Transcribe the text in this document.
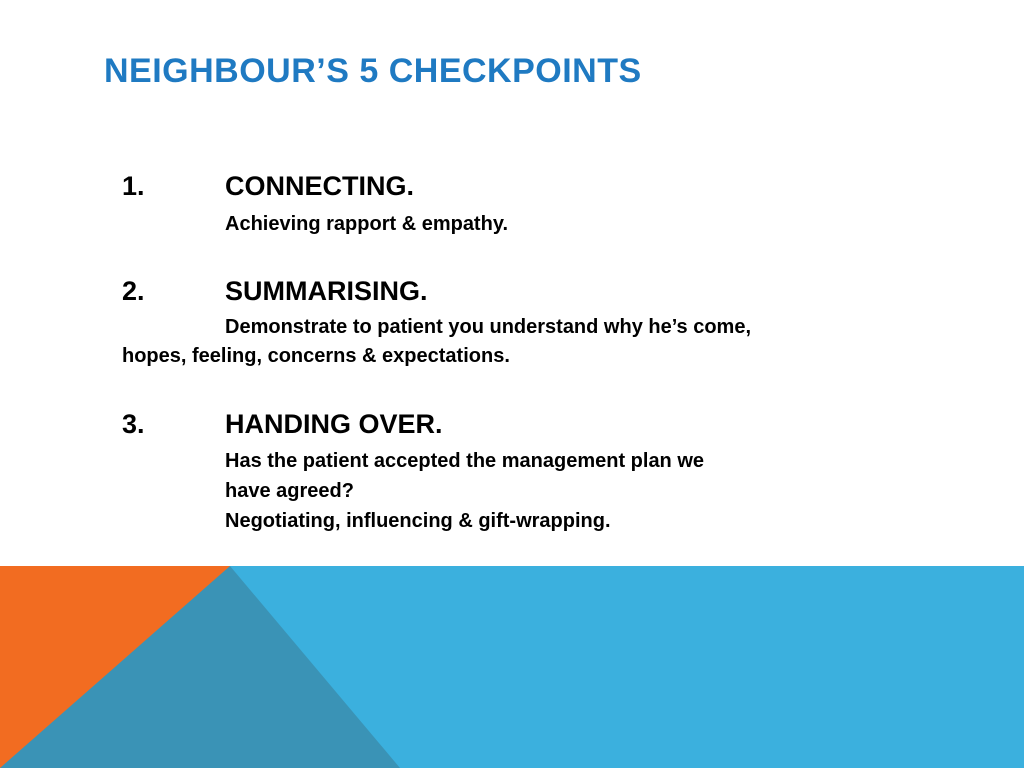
NEIGHBOUR’S 5 CHECKPOINTS
1.	CONNECTING.
Achieving rapport & empathy.
2.	SUMMARISING.
Demonstrate to patient you understand why he’s come,
hopes, feeling, concerns & expectations.
3.	HANDING OVER.
Has the patient accepted the management plan we
have agreed?
Negotiating, influencing & gift-wrapping.
